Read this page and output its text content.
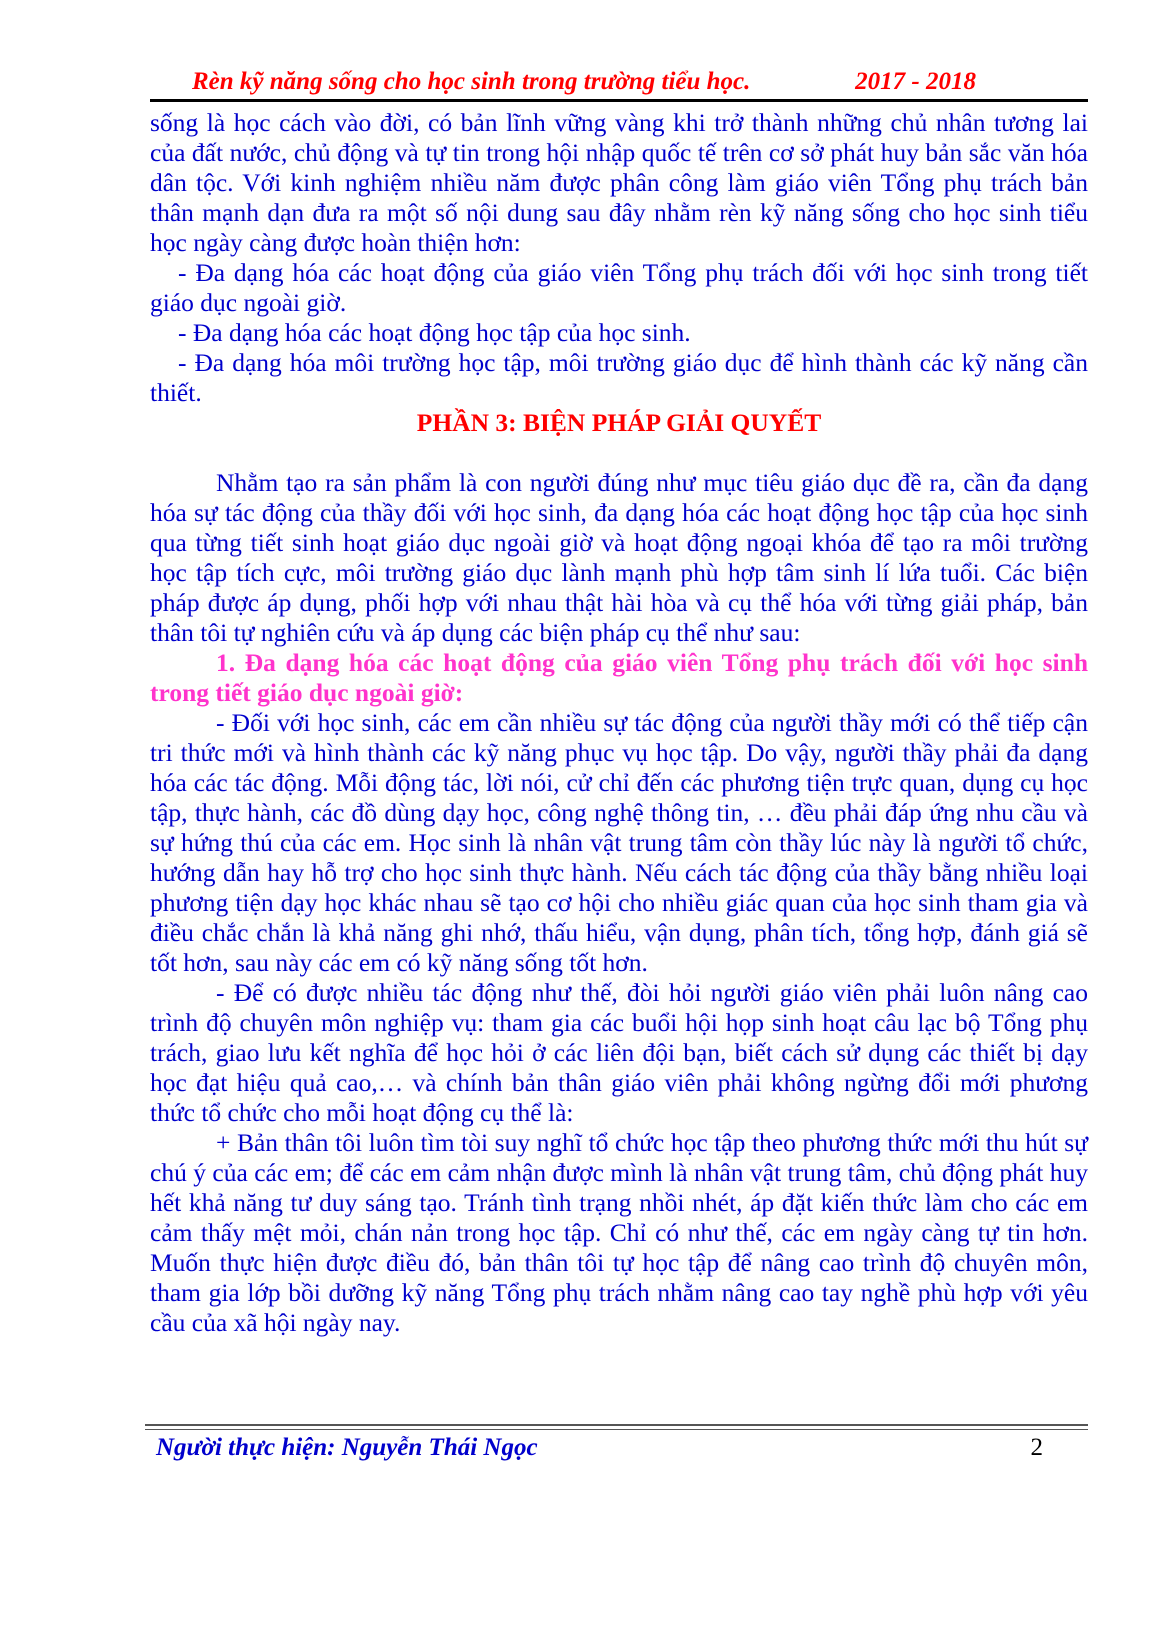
Rèn kỹ năng sống cho học sinh trong trường tiểu học.	2017 - 2018

sống là học cách vào đời, có bản lĩnh vững vàng khi trở thành những chủ nhân tương lai của đất nước, chủ động và tự tin trong hội nhập quốc tế trên cơ sở phát huy bản sắc văn hóa dân tộc. Với kinh nghiệm nhiều năm được phân công làm giáo viên Tổng phụ trách bản thân mạnh dạn đưa ra một số nội dung sau đây nhằm rèn kỹ năng sống cho học sinh tiểu học ngày càng được hoàn thiện hơn:

- Đa dạng hóa các hoạt động của giáo viên Tổng phụ trách đối với học sinh trong tiết giáo dục ngoài giờ.

- Đa dạng hóa các hoạt động học tập của học sinh.

- Đa dạng hóa môi trường học tập, môi trường giáo dục để hình thành các kỹ năng cần thiết.

PHẦN 3: BIỆN PHÁP GIẢI QUYẾT

Nhằm tạo ra sản phẩm là con người đúng như mục tiêu giáo dục đề ra, cần đa dạng hóa sự tác động của thầy đối với học sinh, đa dạng hóa các hoạt động học tập của học sinh qua từng tiết sinh hoạt giáo dục ngoài giờ và hoạt động ngoại khóa để tạo ra môi trường học tập tích cực, môi trường giáo dục lành mạnh phù hợp tâm sinh lí lứa tuổi. Các biện pháp được áp dụng, phối hợp với nhau thật hài hòa và cụ thể hóa với từng giải pháp, bản thân tôi tự nghiên cứu và áp dụng các biện pháp cụ thể như sau:

1. Đa dạng hóa các hoạt động của giáo viên Tổng phụ trách đối với học sinh trong tiết giáo dục ngoài giờ:

- Đối với học sinh, các em cần nhiều sự tác động của người thầy mới có thể tiếp cận tri thức mới và hình thành các kỹ năng phục vụ học tập. Do vậy, người thầy phải đa dạng hóa các tác động. Mỗi động tác, lời nói, cử chỉ đến các phương tiện trực quan, dụng cụ học tập, thực hành, các đồ dùng dạy học, công nghệ thông tin, … đều phải đáp ứng nhu cầu và sự hứng thú của các em. Học sinh là nhân vật trung tâm còn thầy lúc này là người tổ chức, hướng dẫn hay hỗ trợ cho học sinh thực hành. Nếu cách tác động của thầy bằng nhiều loại phương tiện dạy học khác nhau sẽ tạo cơ hội cho nhiều giác quan của học sinh tham gia và điều chắc chắn là khả năng ghi nhớ, thấu hiểu, vận dụng, phân tích, tổng hợp, đánh giá sẽ tốt hơn, sau này các em có kỹ năng sống tốt hơn.

- Để có được nhiều tác động như thế, đòi hỏi người giáo viên phải luôn nâng cao trình độ chuyên môn nghiệp vụ: tham gia các buổi hội họp sinh hoạt câu lạc bộ Tổng phụ trách, giao lưu kết nghĩa để học hỏi ở các liên đội bạn, biết cách sử dụng các thiết bị dạy học đạt hiệu quả cao,… và chính bản thân giáo viên phải không ngừng đổi mới phương thức tổ chức cho mỗi hoạt động cụ thể là:

+ Bản thân tôi luôn tìm tòi suy nghĩ tổ chức học tập theo phương thức mới thu hút sự chú ý của các em; để các em cảm nhận được mình là nhân vật trung tâm, chủ động phát huy hết khả năng tư duy sáng tạo. Tránh tình trạng nhồi nhét, áp đặt kiến thức làm cho các em cảm thấy mệt mỏi, chán nản trong học tập. Chỉ có như thế, các em ngày càng tự tin hơn. Muốn thực hiện được điều đó, bản thân tôi tự học tập để nâng cao trình độ chuyên môn, tham gia lớp bồi dưỡng kỹ năng Tổng phụ trách nhằm nâng cao tay nghề phù hợp với yêu cầu của xã hội ngày nay.

Người thực hiện: Nguyễn Thái Ngọc	2
